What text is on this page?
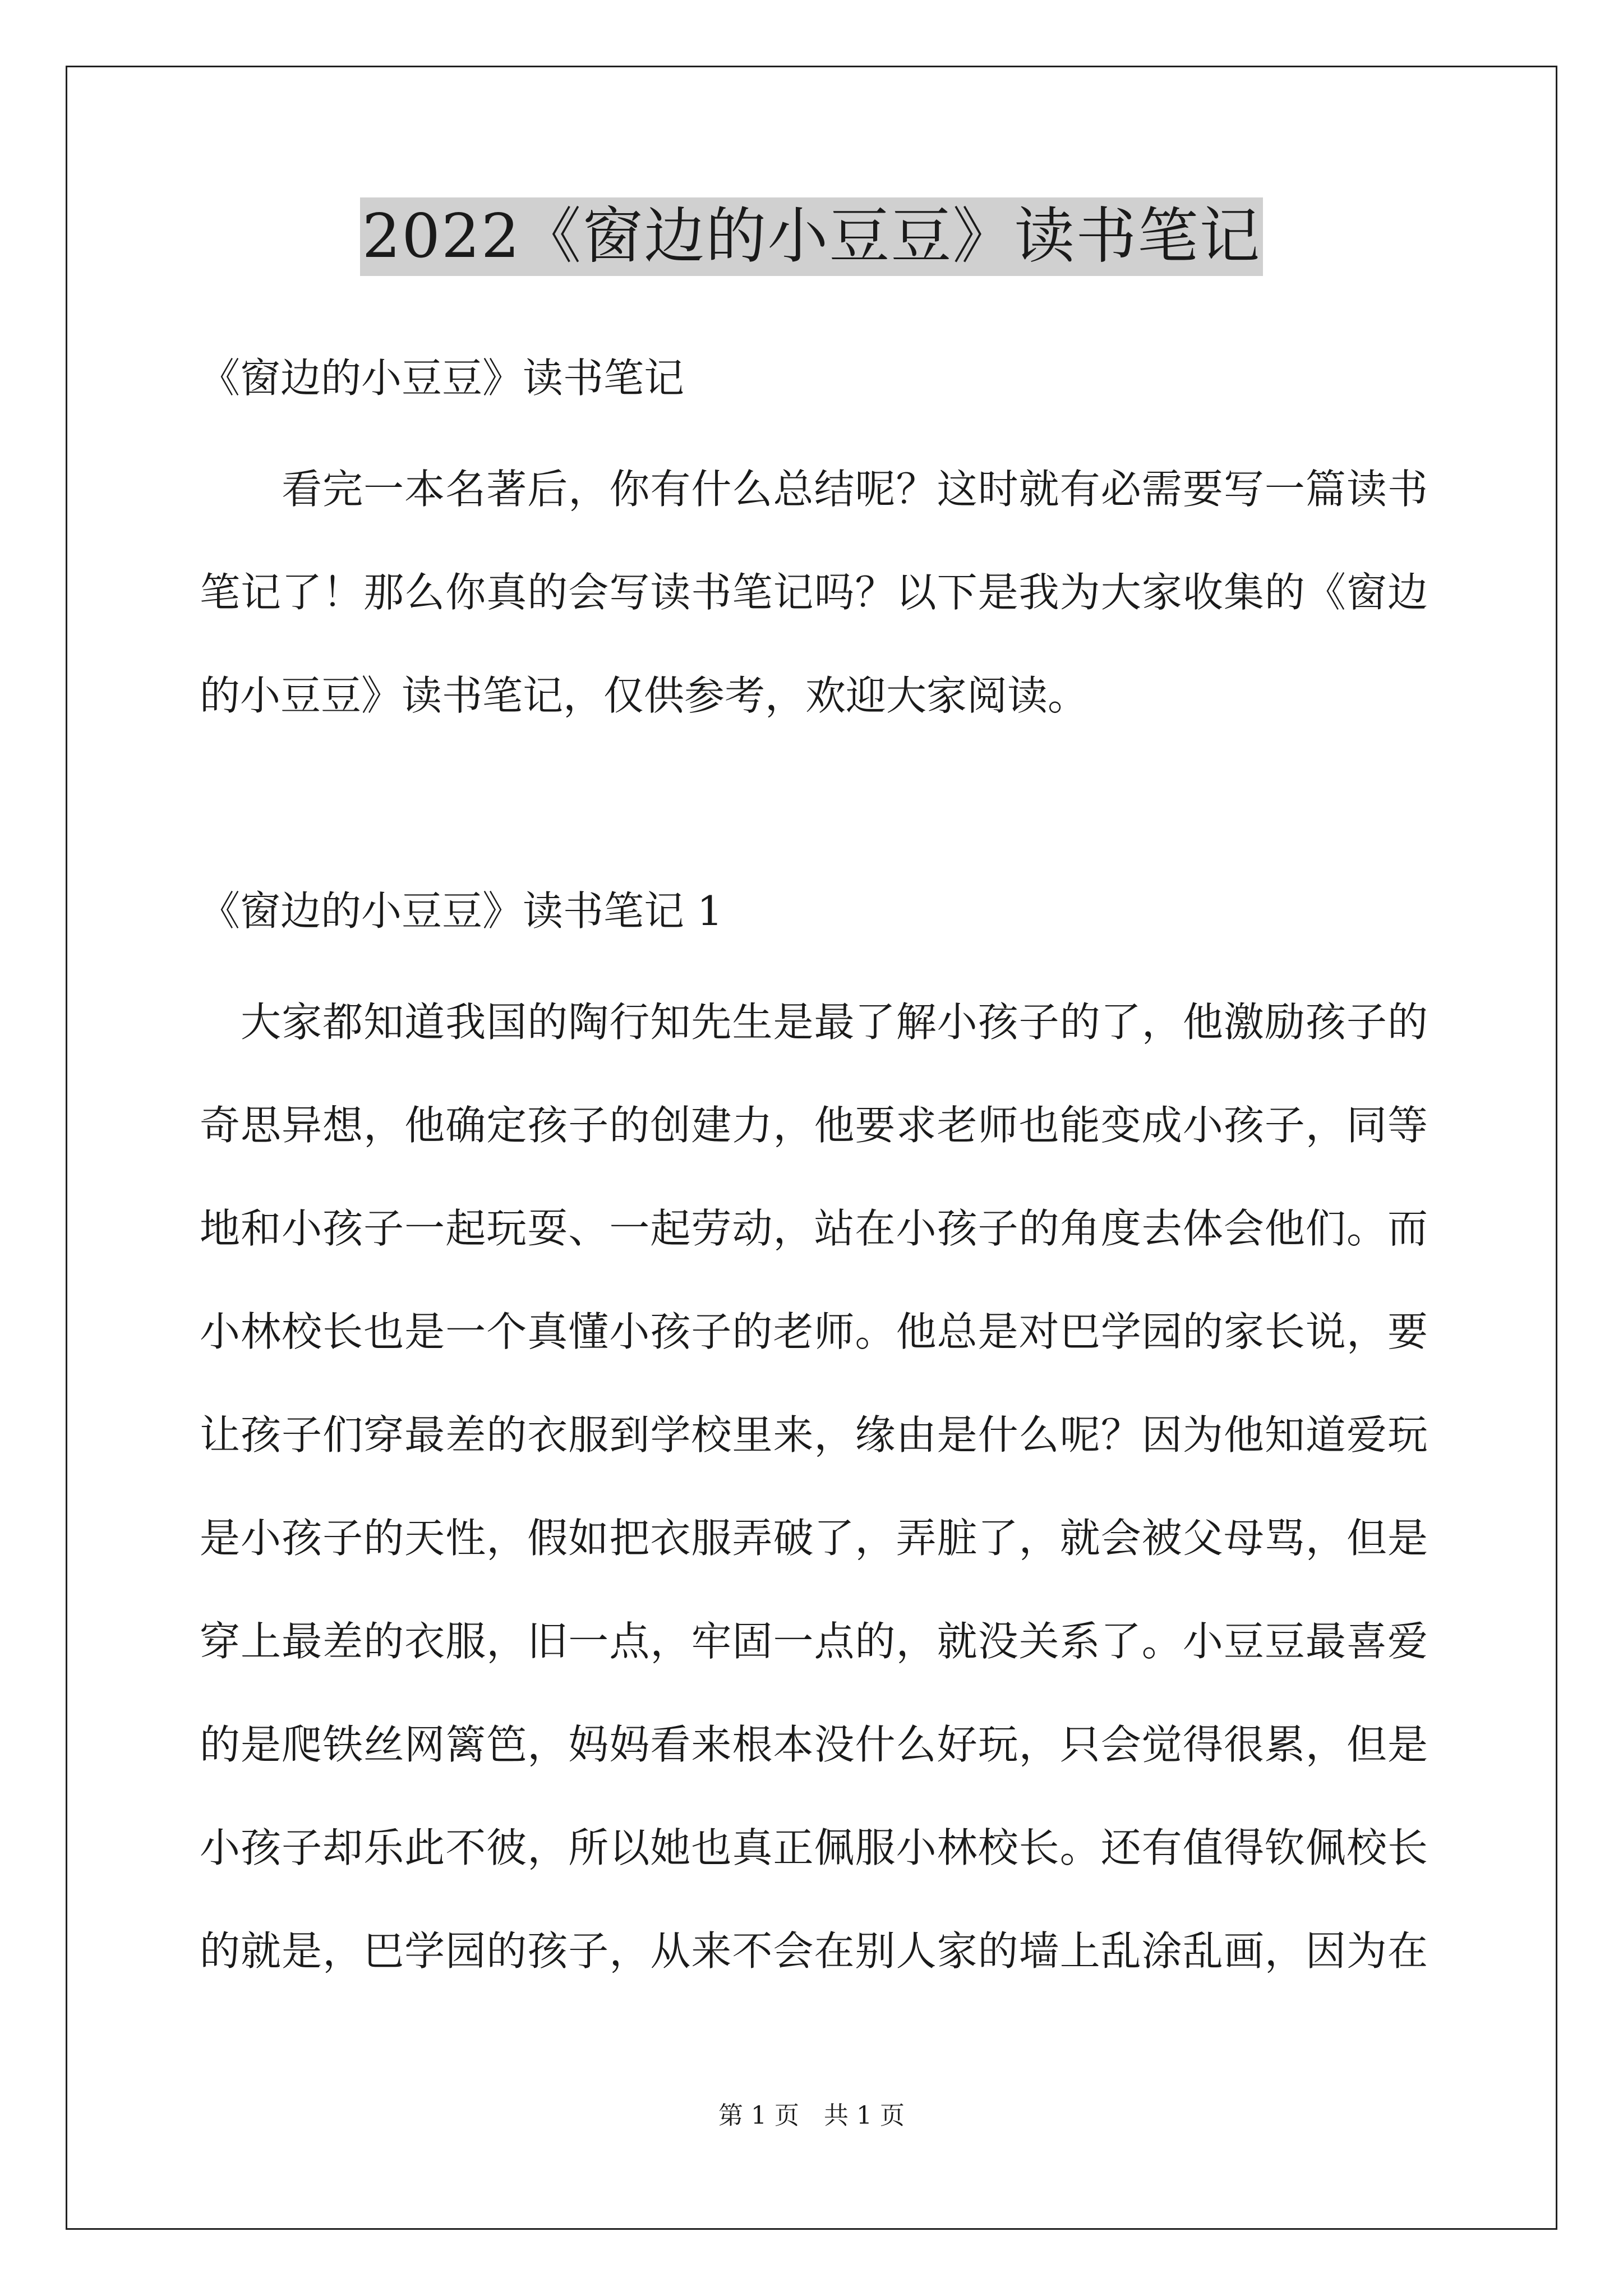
2022《窗边的小豆豆》读书笔记
《窗边的小豆豆》读书笔记
　　看完一本名著后，你有什么总结呢？这时就有必需要写一篇读书
笔记了！那么你真的会写读书笔记吗？以下是我为大家收集的《窗边
的小豆豆》读书笔记，仅供参考，欢迎大家阅读。
《窗边的小豆豆》读书笔记 1
　大家都知道我国的陶行知先生是最了解小孩子的了，他激励孩子的
奇思异想，他确定孩子的创建力，他要求老师也能变成小孩子，同等
地和小孩子一起玩耍、一起劳动，站在小孩子的角度去体会他们。而
小林校长也是一个真懂小孩子的老师。他总是对巴学园的家长说，要
让孩子们穿最差的衣服到学校里来，缘由是什么呢？因为他知道爱玩
是小孩子的天性，假如把衣服弄破了，弄脏了，就会被父母骂，但是
穿上最差的衣服，旧一点，牢固一点的，就没关系了。小豆豆最喜爱
的是爬铁丝网篱笆，妈妈看来根本没什么好玩，只会觉得很累，但是
小孩子却乐此不彼，所以她也真正佩服小林校长。还有值得钦佩校长
的就是，巴学园的孩子，从来不会在别人家的墙上乱涂乱画，因为在
第 1 页　共 1 页
